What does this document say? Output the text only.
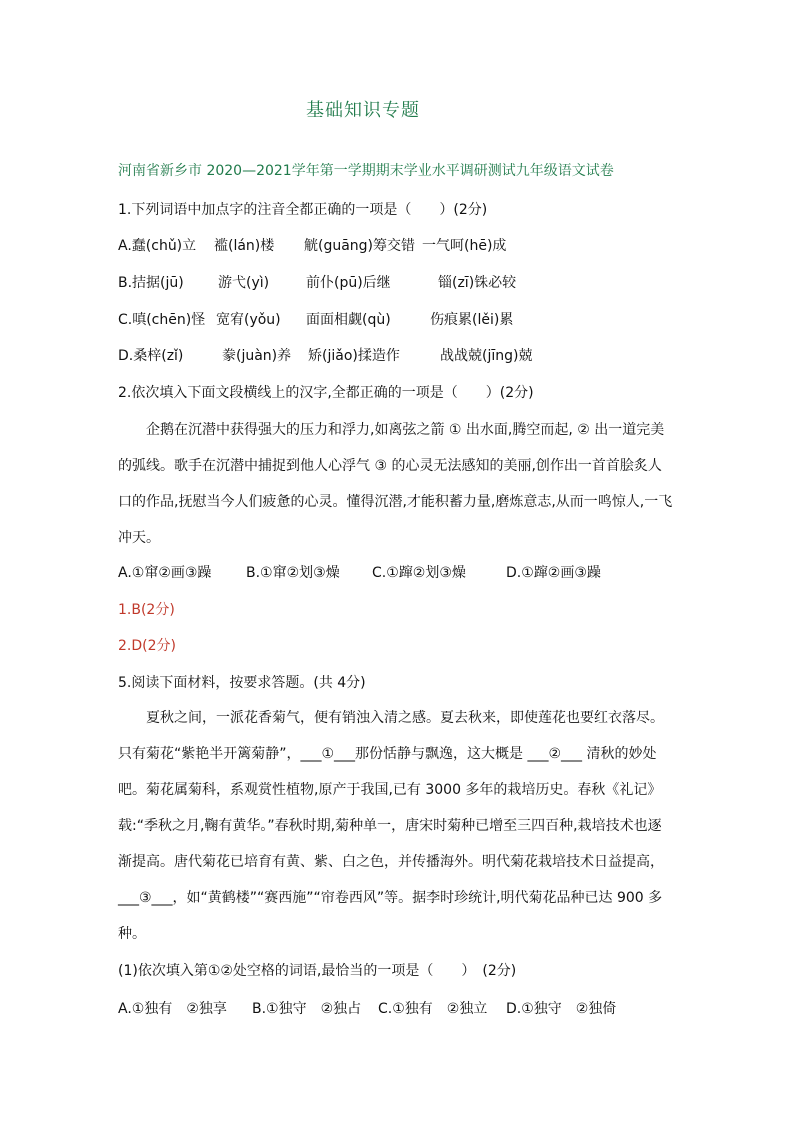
基础知识专题
河南省新乡市 2020—2021学年第一学期期末学业水平调研测试九年级语文试卷
1.下列词语中加点字的注音全都正确的一项是（　　）(2分)
A.蠢(chǔ)立 褴(lán)楼 觥(guāng)筹交错 一气呵(hē)成
B.拮据(jū) 游弋(yì)	前仆(pū)后继	锱(zī)铢必较
C.嗔(chēn)怪 宽宥(yǒu) 面面相觑(qù)	伤痕累(lěi)累
D.桑梓(zǐ)	豢(juàn)养 矫(jiǎo)揉造作	战战兢(jīng)兢
2.依次填入下面文段横线上的汉字,全都正确的一项是（　　）(2分)
企鹅在沉潜中获得强大的压力和浮力,如离弦之箭 ① 出水面,腾空而起, ② 出一道完美的弧线。歌手在沉潜中捕捉到他人心浮气 ③ 的心灵无法感知的美丽,创作出一首首脍炙人口的作品,抚慰当今人们疲惫的心灵。懂得沉潜,才能积蓄力量,磨炼意志,从而一鸣惊人,一飞冲天。
A.①窜②画③躁 B.①窜②划③燥 C.①蹿②划③燥	D.①蹿②画③躁
1.B(2分)
2.D(2分)
5.阅读下面材料，按要求答题。(共 4分)
夏秋之间，一派花香菊气，便有销浊入清之感。夏去秋来，即使莲花也要红衣落尽。只有菊花“紫艳半开篱菊静”，___①___那份恬静与飘逸，这大概是 ___②___ 清秋的妙处吧。菊花属菊科，系观赏性植物,原产于我国,已有 3000 多年的栽培历史。春秋《礼记》载:“季秋之月,鞠有黄华。”春秋时期,菊种单一，唐宋时菊种已增至三四百种,栽培技术也逐渐提高。唐代菊花已培育有黄、紫、白之色，并传播海外。明代菊花栽培技术日益提高，___③___，如“黄鹤楼”“赛西施”“帘卷西风”等。据李时珍统计,明代菊花品种已达 900 多种。
(1)依次填入第①②处空格的词语,最恰当的一项是（　　）　(2分)
A.①独有　②独享 B.①独守　②独占 C.①独有　②独立 D.①独守　②独倚
